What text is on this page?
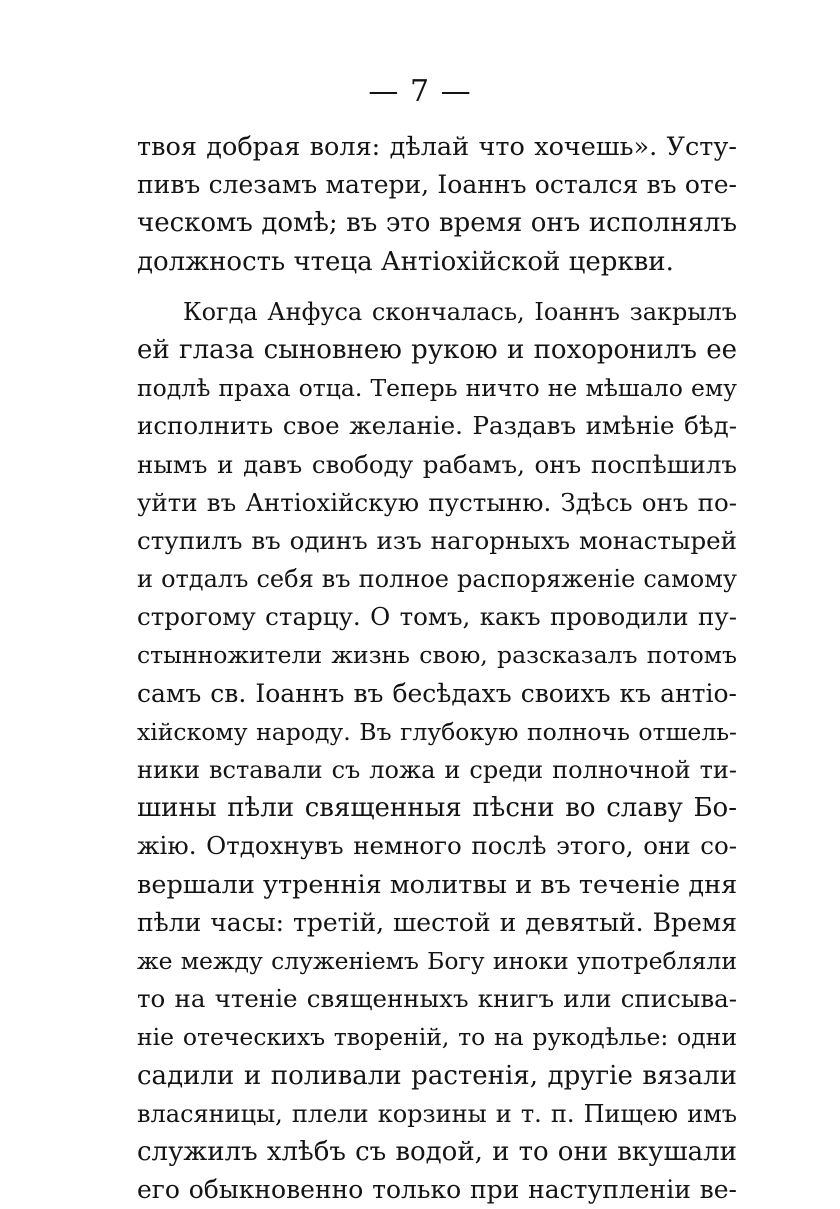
— 7 —
твоя добрая воля: дѣлай что хочешь». Усту-
пивъ слезамъ матери, Іоаннъ остался въ оте-
ческомъ домѣ; въ это время онъ исполнялъ
должность чтеца Антіохійской церкви.
Когда Анфуса скончалась, Іоаннъ закрылъ
ей глаза сыновнею рукою и похоронилъ ее
подлѣ праха отца. Теперь ничто не мѣшало ему
исполнить свое желаніе. Раздавъ имѣніе бѣд-
нымъ и давъ свободу рабамъ, онъ поспѣшилъ
уйти въ Антіохійскую пустыню. Здѣсь онъ по-
ступилъ въ одинъ изъ нагорныхъ монастырей
и отдалъ себя въ полное распоряженіе самому
строгому старцу. О томъ, какъ проводили пу-
стынножители жизнь свою, разсказалъ потомъ
самъ св. Іоаннъ въ бесѣдахъ своихъ къ антіо-
хійскому народу. Въ глубокую полночь отшель-
ники вставали съ ложа и среди полночной ти-
шины пѣли священныя пѣсни во славу Бо-
жію. Отдохнувъ немного послѣ этого, они со-
вершали утреннія молитвы и въ теченіе дня
пѣли часы: третій, шестой и девятый. Время
же между служеніемъ Богу иноки употребляли
то на чтеніе священныхъ книгъ или списыва-
ніе отеческихъ твореній, то на рукодѣлье: одни
садили и поливали растенія, другіе вязали
власяницы, плели корзины и т. п. Пищею имъ
служилъ хлѣбъ съ водой, и то они вкушали
его обыкновенно только при наступленіи ве-
